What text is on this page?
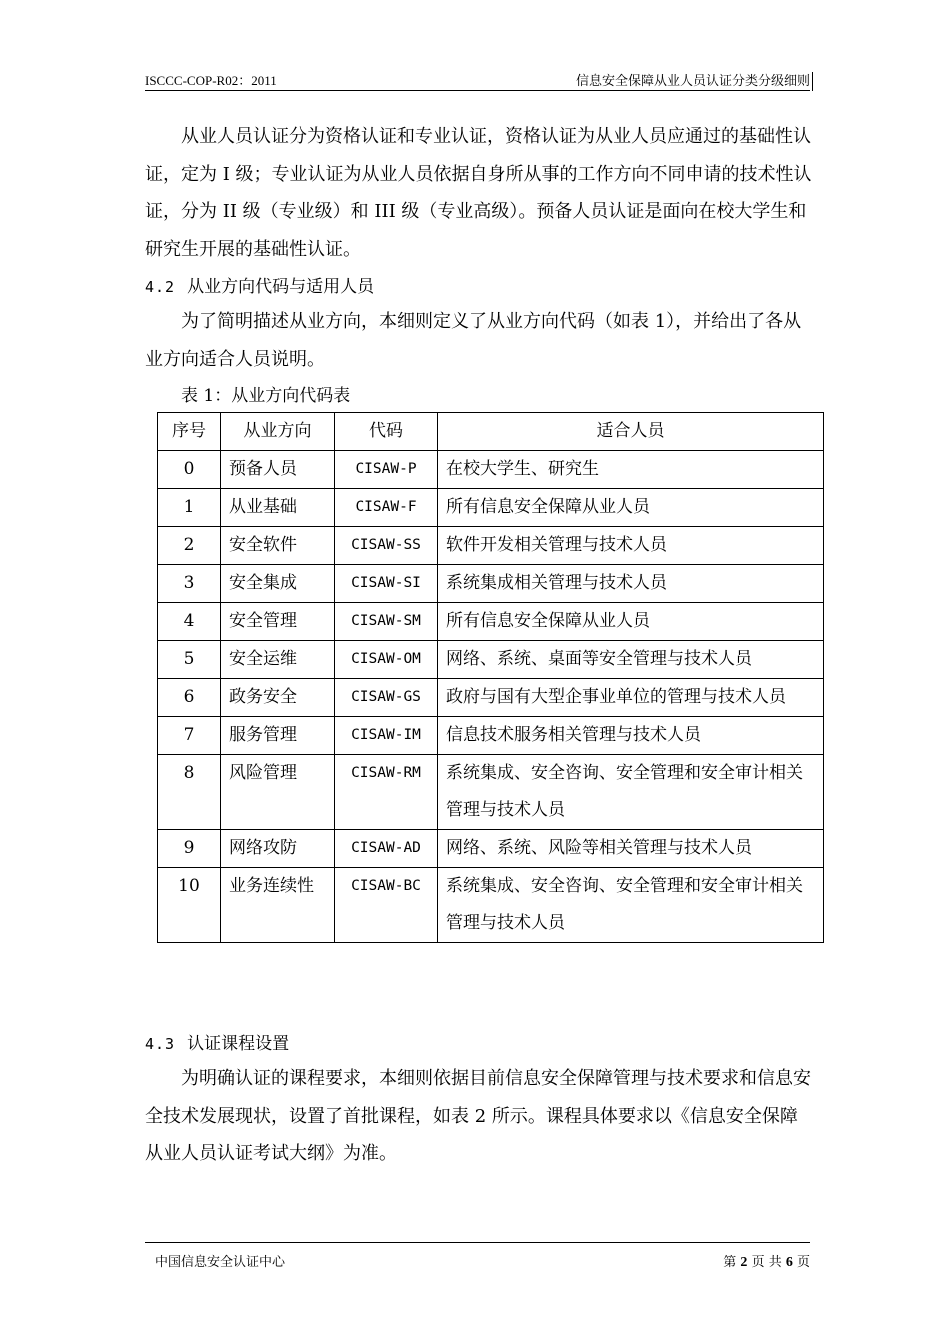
ISCCC-COP-R02：2011	信息安全保障从业人员认证分类分级细则

从业人员认证分为资格认证和专业认证，资格认证为从业人员应通过的基础性认证，定为 I 级；专业认证为从业人员依据自身所从事的工作方向不同申请的技术性认证，分为 II 级（专业级）和 III 级（专业高级）。预备人员认证是面向在校大学生和研究生开展的基础性认证。

4.2 从业方向代码与适用人员

为了简明描述从业方向，本细则定义了从业方向代码（如表 1），并给出了各从业方向适合人员说明。

表 1：从业方向代码表
序号	从业方向	代码	适合人员
0	预备人员	CISAW-P	在校大学生、研究生
1	从业基础	CISAW-F	所有信息安全保障从业人员
2	安全软件	CISAW-SS	软件开发相关管理与技术人员
3	安全集成	CISAW-SI	系统集成相关管理与技术人员
4	安全管理	CISAW-SM	所有信息安全保障从业人员
5	安全运维	CISAW-OM	网络、系统、桌面等安全管理与技术人员
6	政务安全	CISAW-GS	政府与国有大型企事业单位的管理与技术人员
7	服务管理	CISAW-IM	信息技术服务相关管理与技术人员
8	风险管理	CISAW-RM	系统集成、安全咨询、安全管理和安全审计相关管理与技术人员
9	网络攻防	CISAW-AD	网络、系统、风险等相关管理与技术人员
10	业务连续性	CISAW-BC	系统集成、安全咨询、安全管理和安全审计相关管理与技术人员

4.3 认证课程设置

为明确认证的课程要求，本细则依据目前信息安全保障管理与技术要求和信息安全技术发展现状，设置了首批课程，如表 2 所示。课程具体要求以《信息安全保障从业人员认证考试大纲》为准。

中国信息安全认证中心	第 2 页 共 6 页
